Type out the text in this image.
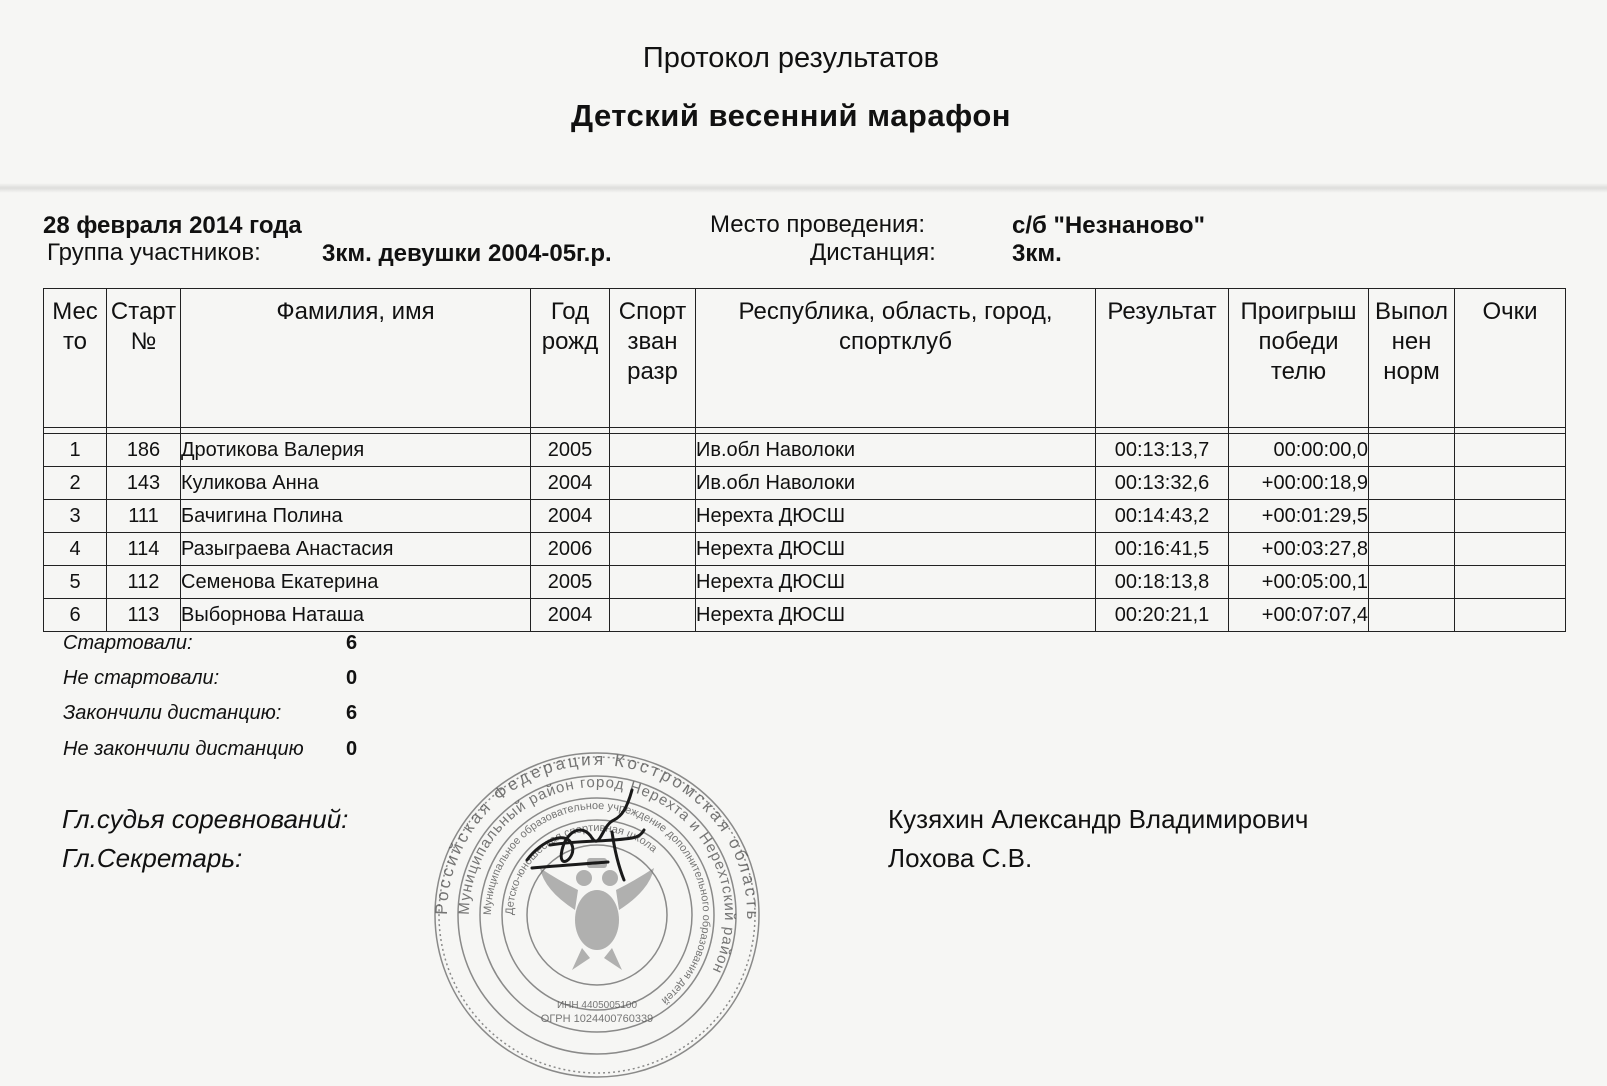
Протокол результатов
Детский весенний марафон
28 февраля 2014 года
Группа участников:	3км. девушки 2004-05г.р.
Место проведения:	с/б "Незнаново"
Дистанция:	3км.
Мес то	Старт №	Фамилия, имя	Год рожд	Спорт зван разр	Республика, область, город, спортклуб	Результат	Проигрыш победи телю	Выпол нен норм	Очки

1	186	Дротикова Валерия	2005		Ив.обл Наволоки	00:13:13,7	00:00:00,0		
2	143	Куликова Анна	2004		Ив.обл Наволоки	00:13:32,6	+00:00:18,9		
3	111	Бачигина Полина	2004		Нерехта ДЮСШ	00:14:43,2	+00:01:29,5		
4	114	Разыграева Анастасия	2006		Нерехта ДЮСШ	00:16:41,5	+00:03:27,8		
5	112	Семенова Екатерина	2005		Нерехта ДЮСШ	00:18:13,8	+00:05:00,1		
6	113	Выборнова Наташа	2004		Нерехта ДЮСШ	00:20:21,1	+00:07:07,4		
Стартовали:	6
Не стартовали:	0
Закончили дистанцию:	6
Не закончили дистанцию 0
Гл.судья соревнований:
Гл.Секретарь:
Кузяхин Александр Владимирович
Лохова С.В.
Российская Федерация Костромская область
Муниципальный район город Нерехта и Нерехтский район
Муниципальное образовательное учреждение дополнительного образования детей
Детско-юношеская спортивная школа
ОГРН 1024400760339
ИНН 4405005100
